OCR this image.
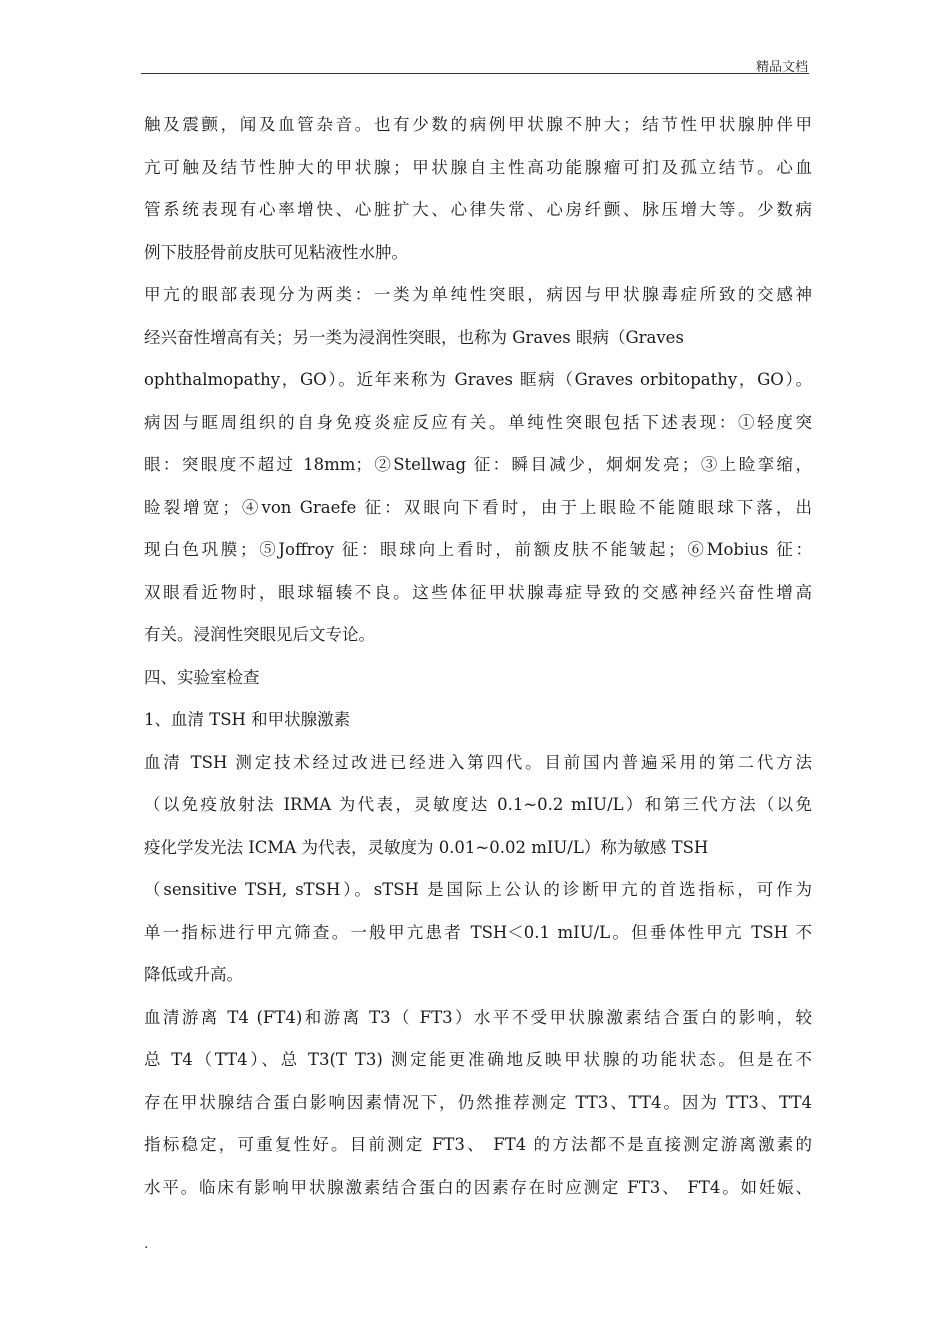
精品文档
触及震颤，闻及血管杂音。也有少数的病例甲状腺不肿大；结节性甲状腺肿伴甲
亢可触及结节性肿大的甲状腺；甲状腺自主性高功能腺瘤可扪及孤立结节。心血
管系统表现有心率增快、心脏扩大、心律失常、心房纤颤、脉压增大等。少数病
例下肢胫骨前皮肤可见粘液性水肿。
甲亢的眼部表现分为两类：一类为单纯性突眼，病因与甲状腺毒症所致的交感神
经兴奋性增高有关；另一类为浸润性突眼，也称为 Graves 眼病（Graves
ophthalmopathy，GO）。近年来称为 Graves 眶病（Graves orbitopathy，GO）。
病因与眶周组织的自身免疫炎症反应有关。单纯性突眼包括下述表现：①轻度突
眼：突眼度不超过 18mm；②Stellwag 征：瞬目减少，炯炯发亮；③上睑挛缩，
睑裂增宽；④von Graefe 征：双眼向下看时，由于上眼睑不能随眼球下落，出
现白色巩膜；⑤Joffroy 征：眼球向上看时，前额皮肤不能皱起；⑥Mobius 征：
双眼看近物时，眼球辐辏不良。这些体征甲状腺毒症导致的交感神经兴奋性增高
有关。浸润性突眼见后文专论。
四、实验室检查
1、血清 TSH 和甲状腺激素
血清 TSH 测定技术经过改进已经进入第四代。目前国内普遍采用的第二代方法
（以免疫放射法 IRMA 为代表，灵敏度达 0.1~0.2 mIU/L）和第三代方法（以免
疫化学发光法 ICMA 为代表，灵敏度为 0.01~0.02 mIU/L）称为敏感 TSH
（sensitive TSH, sTSH）。sTSH 是国际上公认的诊断甲亢的首选指标，可作为
单一指标进行甲亢筛查。一般甲亢患者 TSH＜0.1 mIU/L。但垂体性甲亢 TSH 不
降低或升高。
血清游离 T4 (FT4)和游离 T3（ FT3）水平不受甲状腺激素结合蛋白的影响，较
总 T4（TT4）、总 T3(T T3) 测定能更准确地反映甲状腺的功能状态。但是在不
存在甲状腺结合蛋白影响因素情况下，仍然推荐测定 TT3、TT4。因为 TT3、TT4
指标稳定，可重复性好。目前测定 FT3、 FT4 的方法都不是直接测定游离激素的
水平。临床有影响甲状腺激素结合蛋白的因素存在时应测定 FT3、 FT4。如妊娠、
.
